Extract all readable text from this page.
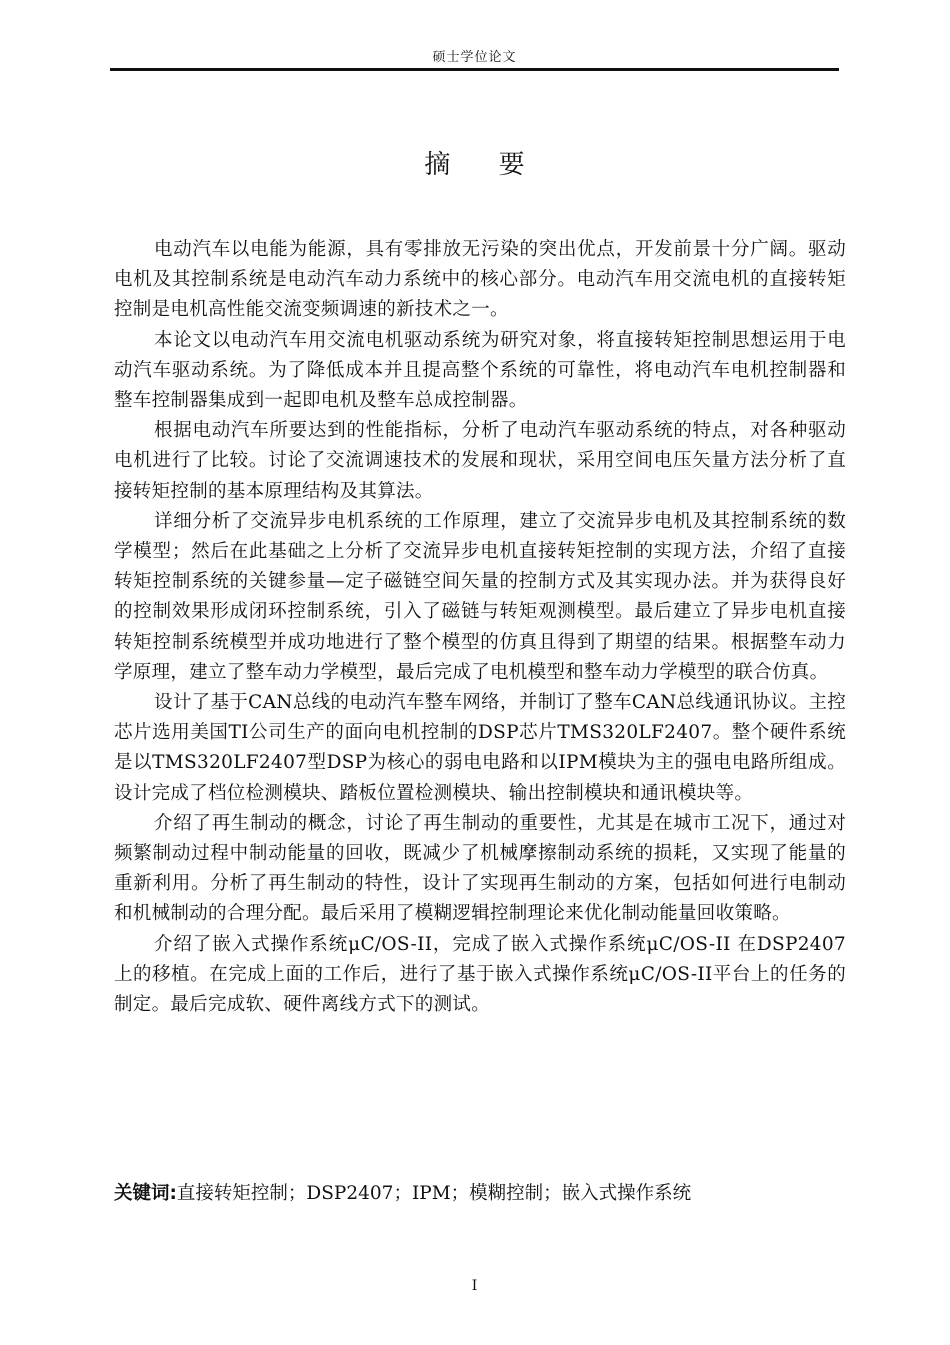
硕士学位论文
摘 要

电动汽车以电能为能源，具有零排放无污染的突出优点，开发前景十分广阔。驱动电机及其控制系统是电动汽车动力系统中的核心部分。电动汽车用交流电机的直接转矩控制是电机高性能交流变频调速的新技术之一。

本论文以电动汽车用交流电机驱动系统为研究对象，将直接转矩控制思想运用于电动汽车驱动系统。为了降低成本并且提高整个系统的可靠性，将电动汽车电机控制器和整车控制器集成到一起即电机及整车总成控制器。

根据电动汽车所要达到的性能指标，分析了电动汽车驱动系统的特点，对各种驱动电机进行了比较。讨论了交流调速技术的发展和现状，采用空间电压矢量方法分析了直接转矩控制的基本原理结构及其算法。

详细分析了交流异步电机系统的工作原理，建立了交流异步电机及其控制系统的数学模型；然后在此基础之上分析了交流异步电机直接转矩控制的实现方法，介绍了直接转矩控制系统的关键参量—定子磁链空间矢量的控制方式及其实现办法。并为获得良好的控制效果形成闭环控制系统，引入了磁链与转矩观测模型。最后建立了异步电机直接转矩控制系统模型并成功地进行了整个模型的仿真且得到了期望的结果。根据整车动力学原理，建立了整车动力学模型，最后完成了电机模型和整车动力学模型的联合仿真。

设计了基于CAN总线的电动汽车整车网络，并制订了整车CAN总线通讯协议。主控芯片选用美国TI公司生产的面向电机控制的DSP芯片TMS320LF2407。整个硬件系统是以TMS320LF2407型DSP为核心的弱电电路和以IPM模块为主的强电电路所组成。设计完成了档位检测模块、踏板位置检测模块、输出控制模块和通讯模块等。

介绍了再生制动的概念，讨论了再生制动的重要性，尤其是在城市工况下，通过对频繁制动过程中制动能量的回收，既减少了机械摩擦制动系统的损耗，又实现了能量的重新利用。分析了再生制动的特性，设计了实现再生制动的方案，包括如何进行电制动和机械制动的合理分配。最后采用了模糊逻辑控制理论来优化制动能量回收策略。

介绍了嵌入式操作系统μC/OS-II，完成了嵌入式操作系统μC/OS-II 在DSP2407 上的移植。在完成上面的工作后，进行了基于嵌入式操作系统μC/OS-II平台上的任务的制定。最后完成软、硬件离线方式下的测试。

关键词:直接转矩控制；DSP2407；IPM；模糊控制；嵌入式操作系统
I
